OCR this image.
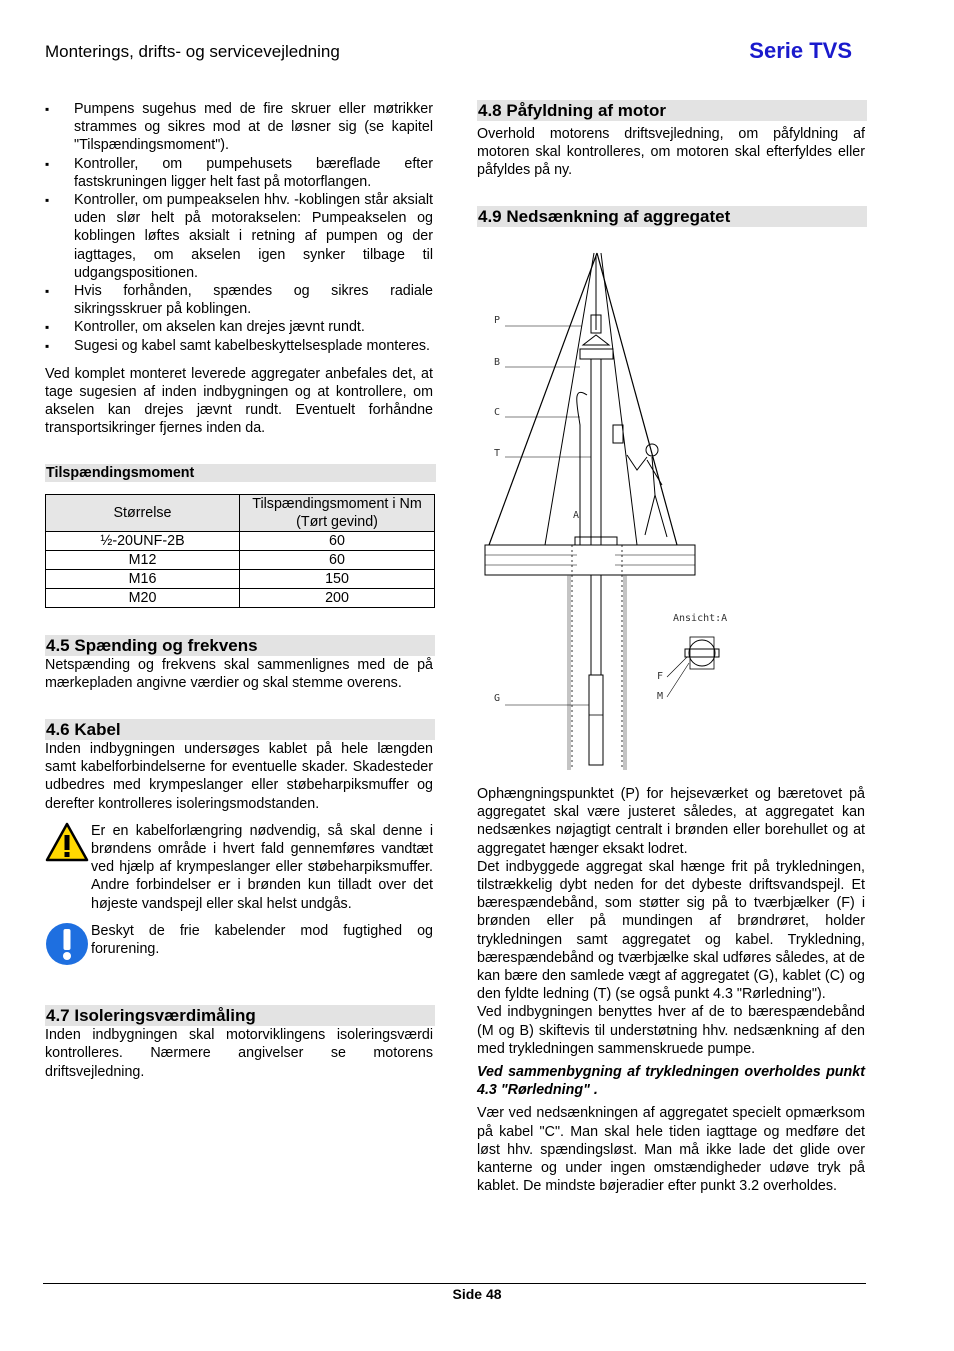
Monterings, drifts- og servicevejledning	Serie TVS
▪ Pumpens sugehus med de fire skruer eller møtrikker strammes og sikres mod at de løsner sig (se kapitel "Tilspændingsmoment").
▪ Kontroller, om pumpehusets bæreflade efter fastskruningen ligger helt fast på motorflangen.
▪ Kontroller, om pumpeakselen hhv. -koblingen står aksialt uden slør helt på motorakselen: Pumpeakselen og koblingen løftes aksialt i retning af pumpen og der iagttages, om akselen igen synker tilbage til udgangspositionen.
▪ Hvis forhånden, spændes og sikres radiale sikringsskruer på koblingen.
▪ Kontroller, om akselen kan drejes jævnt rundt.
▪ Sugesi og kabel samt kabelbeskyttelsesplade monteres.

Ved komplet monteret leverede aggregater anbefales det, at tage sugesien af inden indbygningen og at kontrollere, om akselen kan drejes jævnt rundt. Eventuelt forhåndne transportsikringer fjernes inden da.

Tilspændingsmoment
Størrelse	Tilspændingsmoment i Nm (Tørt gevind)
½-20UNF-2B	60
M12	60
M16	150
M20	200
4.5 Spænding og frekvens

Netspænding og frekvens skal sammenlignes med de på mærkepladen angivne værdier og skal stemme overens.

4.6 Kabel

Inden indbygningen undersøges kablet på hele længden samt kabelforbindelserne for eventuelle skader. Skadesteder udbedres med krympeslanger eller støbeharpiksmuffer og derefter kontrolleres isoleringsmodstanden.

Er en kabelforlængring nødvendig, så skal denne i brøndens område i hvert fald gennemføres vandtæt ved hjælp af krympeslanger eller støbeharpiksmuffer. Andre forbindelser er i brønden kun tilladt over det højeste vandspejl eller skal helst undgås.
Beskyt de frie kabelender mod fugtighed og forurening.
4.7 Isoleringsværdimåling

Inden indbygningen skal motorviklingens isoleringsværdi kontrolleres. Nærmere angivelser se motorens driftsvejledning.

4.8 Påfyldning af motor

Overhold motorens driftsvejledning, om påfyldning af motoren skal kontrolleres, om motoren skal efterfyldes eller påfyldes på ny.

4.9 Nedsænkning af aggregatet
P
B
C
T
A
Ansicht:A
F
M
G

Ophængningspunktet (P) for hejseværket og bæretovet på aggregatet skal være justeret således, at aggregatet kan nedsænkes nøjagtigt centralt i brønden eller borehullet og at aggregatet hænger eksakt lodret.

Det indbyggede aggregat skal hænge frit på trykledningen, tilstrækkelig dybt neden for det dybeste driftsvandspejl. Et bærespændebånd, som støtter sig på to tværbjælker (F) i brønden eller på mundingen af brøndrøret, holder trykledningen samt aggregatet og kabel. Trykledning, bærespændebånd og tværbjælke skal udføres således, at de kan bære den samlede vægt af aggregatet (G), kablet (C) og den fyldte ledning (T) (se også punkt 4.3 "Rørledning").

Ved indbygningen benyttes hver af de to bærespændebånd (M og B) skiftevis til understøtning hhv. nedsænkning af den med trykledningen sammenskruede pumpe.

Ved sammenbygning af trykledningen overholdes punkt 4.3 "Rørledning" .

Vær ved nedsænkningen af aggregatet specielt opmærksom på kabel "C". Man skal hele tiden iagttage og medføre det løst hhv. spændingsløst. Man må ikke lade det glide over kanterne og under ingen omstændigheder udøve tryk på kablet. De mindste bøjeradier efter punkt 3.2 overholdes.

Side 48
